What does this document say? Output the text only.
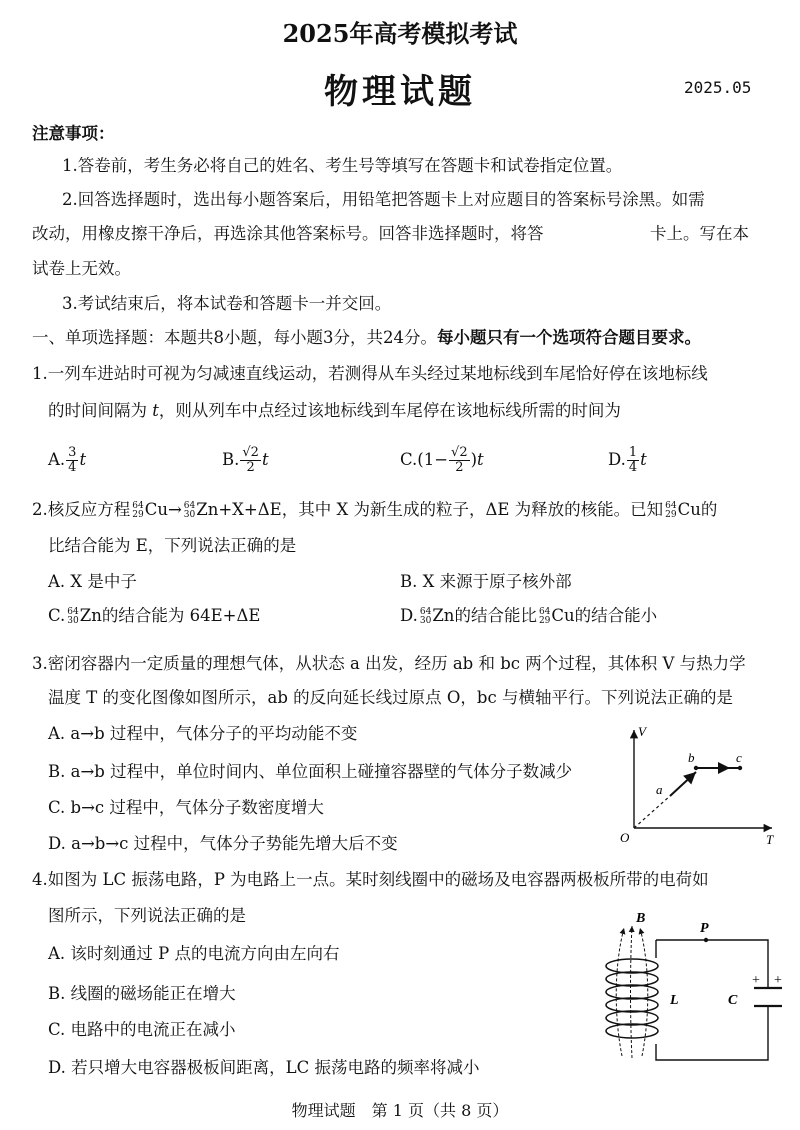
2025年高考模拟考试
物理试题	2025.05
注意事项：
1.答卷前，考生务必将自己的姓名、考生号等填写在答题卡和试卷指定位置。
2.回答选择题时，选出每小题答案后，用铅笔把答题卡上对应题目的答案标号涂黑。如需
改动，用橡皮擦干净后，再选涂其他答案标号。回答非选择题时，将答	卡上。写在本
试卷上无效。
3.考试结束后，将本试卷和答题卡一并交回。
一、单项选择题：本题共8小题，每小题3分，共24分。每小题只有一个选项符合题目要求。
1.一列车进站时可视为匀减速直线运动，若测得从车头经过某地标线到车尾恰好停在该地标线
的时间间隔为 t，则从列车中点经过该地标线到车尾停在该地标线所需的时间为
A. $\frac{3}{4}$ t	B. $\frac{√2}{2}$ t	$C.(1- \frac{√2}{2} )t$	D. $\frac{1}{4}$ t
2.核反应方程 64
29 Cu→ 64
30 Zn+X+ΔE，其中 X 为新生成的粒子，ΔE 为释放的核能。已知 64
29 Cu的
比结合能为 E，下列说法正确的是
A. X 是中子	B. X 来源于原子核外部
C. 64
30 Zn的结合能为 64E+ΔE	D. 64
30 Zn的结合能比 64
29 Cu的结合能小
3.密闭容器内一定质量的理想气体，从状态 a 出发，经历 ab 和 bc 两个过程，其体积 V 与热力学
温度 T 的变化图像如图所示，ab 的反向延长线过原点 O，bc 与横轴平行。下列说法正确的是
A. a→b 过程中，气体分子的平均动能不变
B. a→b 过程中，单位时间内、单位面积上碰撞容器壁的气体分子数减少
C. b→c 过程中，气体分子数密度增大
D. a→b→c 过程中，气体分子势能先增大后不变
V
T
O
a
b	c
4.如图为 LC 振荡电路，P 为电路上一点。某时刻线圈中的磁场及电容器两极板所带的电荷如
图所示，下列说法正确的是
A. 该时刻通过 P 点的电流方向由左向右
B. 线圈的磁场能正在增大
C. 电路中的电流正在减小
D. 若只增大电容器极板间距离，LC 振荡电路的频率将减小
B
P
L	C
+ +
物理试题　第 1 页（共 8 页）
